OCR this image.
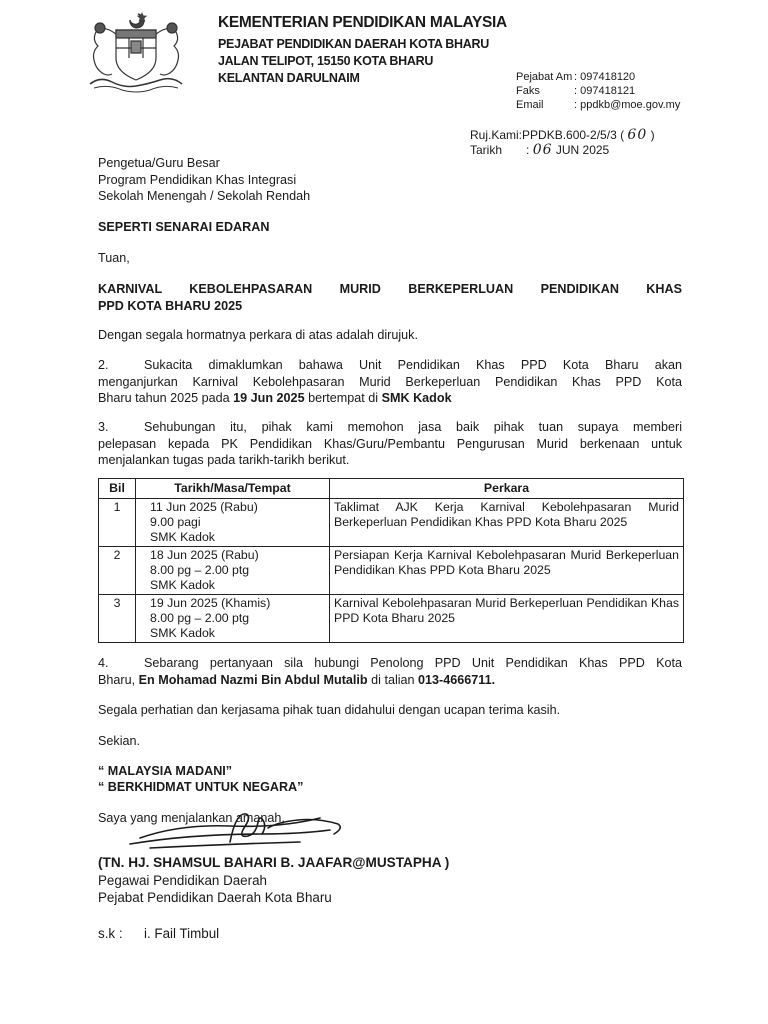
KEMENTERIAN PENDIDIKAN MALAYSIA
PEJABAT PENDIDIKAN DAERAH KOTA BHARU
JALAN TELIPOT, 15150 KOTA BHARU
KELANTAN DARULNAIM	Pejabat Am : 097418120
Faks	: 097418121
Email	: ppdkb@moe.gov.my
Ruj.Kami:PPDKB.600-2/5/3 ( 60 )
Tarikh : 06 JUN 2025
Pengetua/Guru Besar
Program Pendidikan Khas Integrasi
Sekolah Menengah / Sekolah Rendah
SEPERTI SENARAI EDARAN
Tuan,
KARNIVAL KEBOLEHPASARAN MURID BERKEPERLUAN PENDIDIKAN KHAS
PPD KOTA BHARU 2025
Dengan segala hormatnya perkara di atas adalah dirujuk.
2.	Sukacita dimaklumkan bahawa Unit Pendidikan Khas PPD Kota Bharu akan
menganjurkan Karnival Kebolehpasaran Murid Berkeperluan Pendidikan Khas PPD Kota
Bharu tahun 2025 pada 19 Jun 2025 bertempat di SMK Kadok
3.	Sehubungan itu, pihak kami memohon jasa baik pihak tuan supaya memberi
pelepasan kepada PK Pendidikan Khas/Guru/Pembantu Pengurusan Murid berkenaan untuk
menjalankan tugas pada tarikh-tarikh berikut.
Bil	Tarikh/Masa/Tempat	Perkara
1	11 Jun 2025 (Rabu)
9.00 pagi
SMK Kadok	Taklimat AJK Kerja Karnival Kebolehpasaran Murid Berkeperluan Pendidikan Khas PPD Kota Bharu 2025
2	18 Jun 2025 (Rabu)
8.00 pg – 2.00 ptg
SMK Kadok	Persiapan Kerja Karnival Kebolehpasaran Murid Berkeperluan Pendidikan Khas PPD Kota Bharu 2025
3	19 Jun 2025 (Khamis)
8.00 pg – 2.00 ptg
SMK Kadok	Karnival Kebolehpasaran Murid Berkeperluan Pendidikan Khas PPD Kota Bharu 2025
4.	Sebarang pertanyaan sila hubungi Penolong PPD Unit Pendidikan Khas PPD Kota
Bharu, En Mohamad Nazmi Bin Abdul Mutalib di talian 013-4666711.
Segala perhatian dan kerjasama pihak tuan didahului dengan ucapan terima kasih.
Sekian.
“ MALAYSIA MADANI”
“ BERKHIDMAT UNTUK NEGARA”
Saya yang menjalankan amanah,
(TN. HJ. SHAMSUL BAHARI B. JAAFAR@MUSTAPHA )
Pegawai Pendidikan Daerah
Pejabat Pendidikan Daerah Kota Bharu
s.k : i. Fail Timbul
